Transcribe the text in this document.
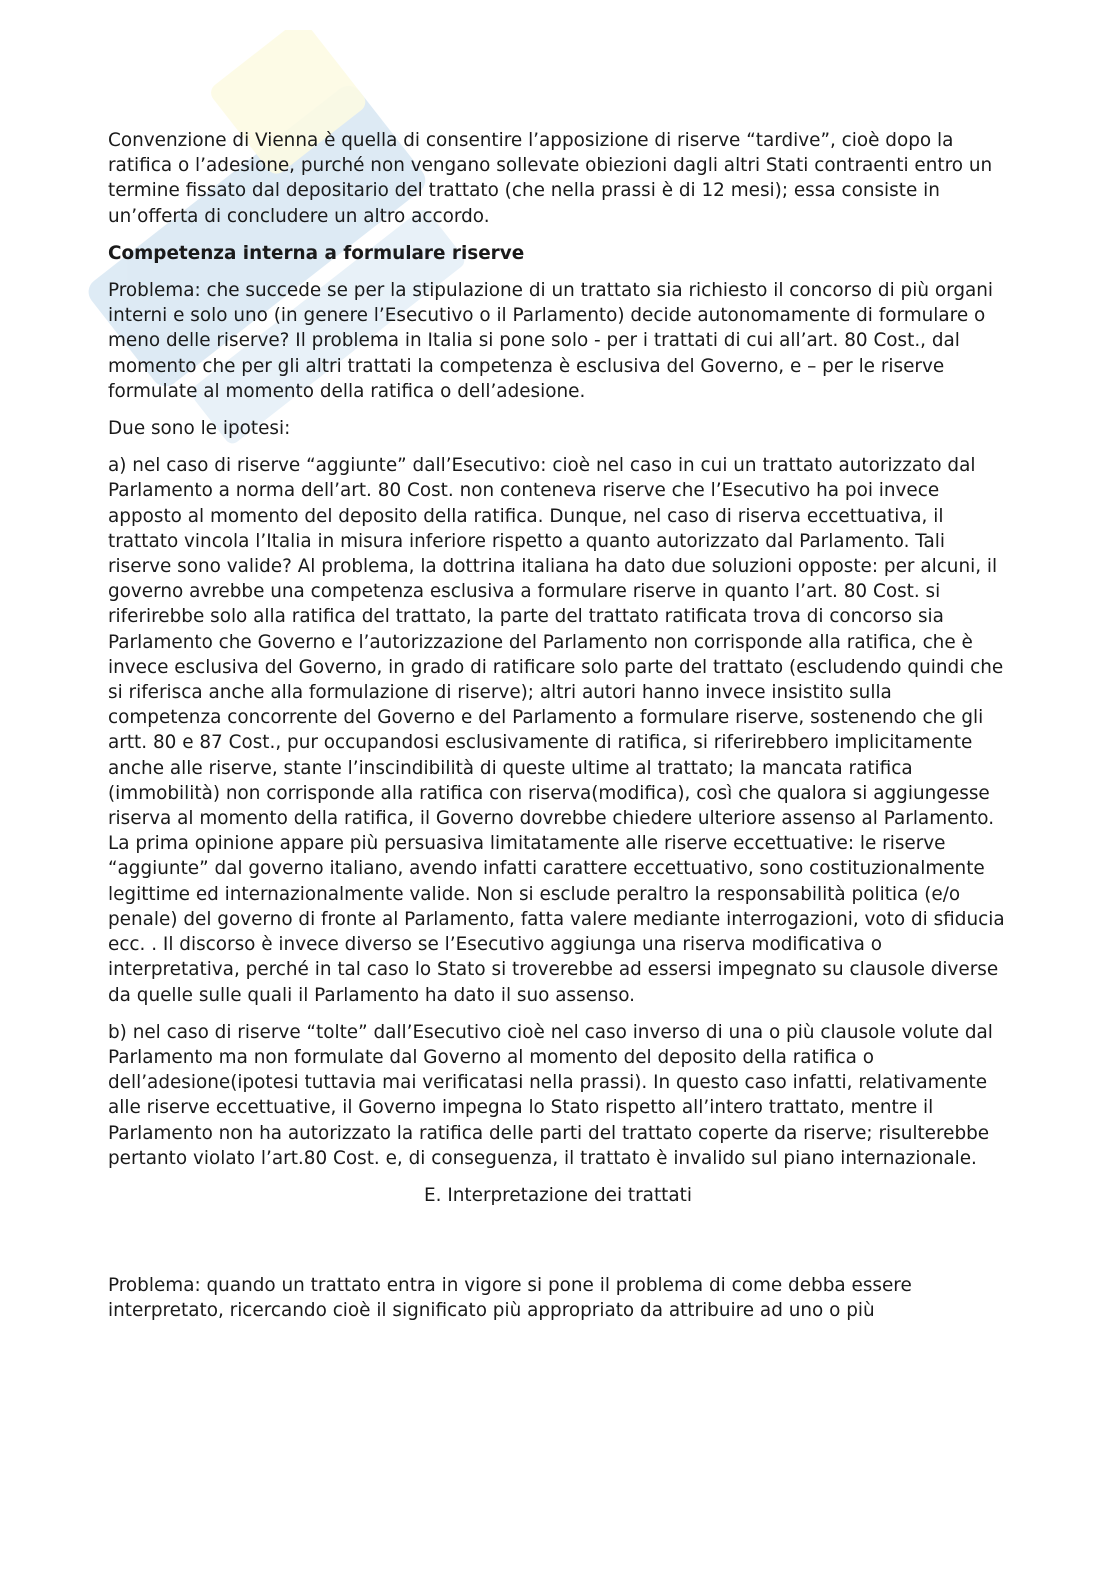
Convenzione di Vienna è quella di consentire l’apposizione di riserve “tardive”, cioè dopo la ratifica o l’adesione, purché non vengano sollevate obiezioni dagli altri Stati contraenti entro un termine fissato dal depositario del trattato (che nella prassi è di 12 mesi); essa consiste in un’offerta di concludere un altro accordo.

Competenza interna a formulare riserve

Problema: che succede se per la stipulazione di un trattato sia richiesto il concorso di più organi interni e solo uno (in genere l’Esecutivo o il Parlamento) decide autonomamente di formulare o meno delle riserve? Il problema in Italia si pone solo - per i trattati di cui all’art. 80 Cost., dal momento che per gli altri trattati la competenza è esclusiva del Governo, e – per le riserve formulate al momento della ratifica o dell’adesione.

Due sono le ipotesi:

a) nel caso di riserve “aggiunte” dall’Esecutivo: cioè nel caso in cui un trattato autorizzato dal Parlamento a norma dell’art. 80 Cost. non conteneva riserve che l’Esecutivo ha poi invece apposto al momento del deposito della ratifica. Dunque, nel caso di riserva eccettuativa, il trattato vincola l’Italia in misura inferiore rispetto a quanto autorizzato dal Parlamento. Tali riserve sono valide? Al problema, la dottrina italiana ha dato due soluzioni opposte: per alcuni, il governo avrebbe una competenza esclusiva a formulare riserve in quanto l’art. 80 Cost. si riferirebbe solo alla ratifica del trattato, la parte del trattato ratificata trova di concorso sia Parlamento che Governo e l’autorizzazione del Parlamento non corrisponde alla ratifica, che è invece esclusiva del Governo, in grado di ratificare solo parte del trattato (escludendo quindi che si riferisca anche alla formulazione di riserve); altri autori hanno invece insistito sulla competenza concorrente del Governo e del Parlamento a formulare riserve, sostenendo che gli artt. 80 e 87 Cost., pur occupandosi esclusivamente di ratifica, si riferirebbero implicitamente anche alle riserve, stante l’inscindibilità di queste ultime al trattato; la mancata ratifica (immobilità) non corrisponde alla ratifica con riserva(modifica), così che qualora si aggiungesse riserva al momento della ratifica, il Governo dovrebbe chiedere ulteriore assenso al Parlamento. La prima opinione appare più persuasiva limitatamente alle riserve eccettuative: le riserve “aggiunte” dal governo italiano, avendo infatti carattere eccettuativo, sono costituzionalmente legittime ed internazionalmente valide. Non si esclude peraltro la responsabilità politica (e/o penale) del governo di fronte al Parlamento, fatta valere mediante interrogazioni, voto di sfiducia ecc. . Il discorso è invece diverso se l’Esecutivo aggiunga una riserva modificativa o interpretativa, perché in tal caso lo Stato si troverebbe ad essersi impegnato su clausole diverse da quelle sulle quali il Parlamento ha dato il suo assenso.

b) nel caso di riserve “tolte” dall’Esecutivo cioè nel caso inverso di una o più clausole volute dal Parlamento ma non formulate dal Governo al momento del deposito della ratifica o dell’adesione(ipotesi tuttavia mai verificatasi nella prassi). In questo caso infatti, relativamente alle riserve eccettuative, il Governo impegna lo Stato rispetto all’intero trattato, mentre il Parlamento non ha autorizzato la ratifica delle parti del trattato coperte da riserve; risulterebbe pertanto violato l’art.80 Cost. e, di conseguenza, il trattato è invalido sul piano internazionale.

E. Interpretazione dei trattati

Problema: quando un trattato entra in vigore si pone il problema di come debba essere interpretato, ricercando cioè il significato più appropriato da attribuire ad uno o più
